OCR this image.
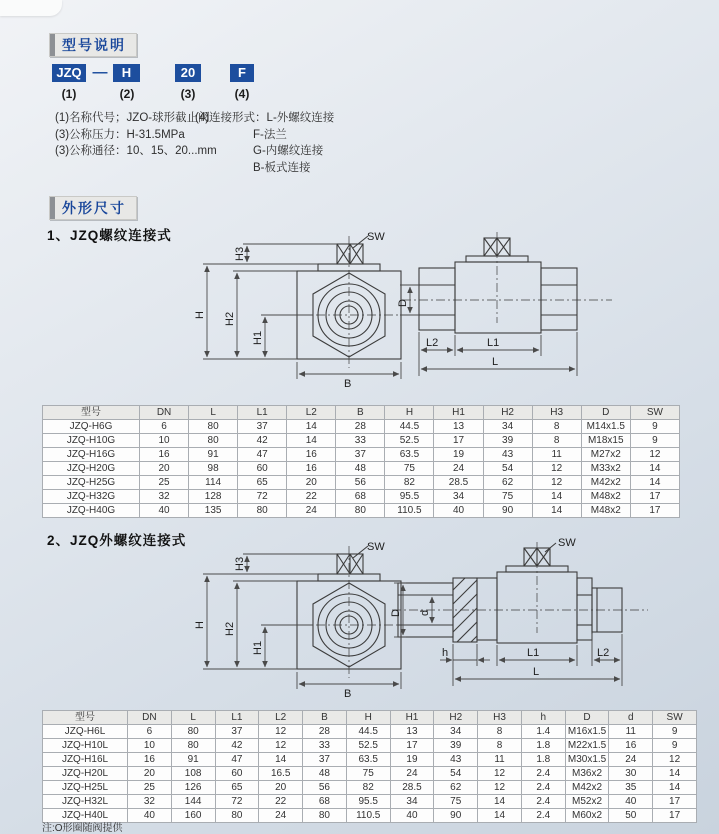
型号说明
JZQ —	H	20	F
(1)	(2)	(3)	(4)
(1)名称代号；JZO-球形截止阀
(3)公称压力：H-31.5MPa
(3)公称通径：10、15、20...mm
(4)连接形式：L-外螺纹连接
F-法兰
G-内螺纹连接
B-板式连接
外形尺寸
1、JZQ螺纹连接式	SW
H3
H H2
H1
B
D
L2	L1
L
型号	DN	L	L1	L2	B	H	H1	H2	H3	D	SW
JZQ-H6G	6	80	37	14	28	44.5	13	34	8	M14x1.5	9
JZQ-H10G	10	80	42	14	33	52.5	17	39	8	M18x15	9
JZQ-H16G	16	91	47	16	37	63.5	19	43	11	M27x2	12
JZQ-H20G	20	98	60	16	48	75	24	54	12	M33x2	14
JZQ-H25G	25	114	65	20	56	82	28.5	62	12	M42x2	14
JZQ-H32G	32	128	72	22	68	95.5	34	75	14	M48x2	17
JZQ-H40G	40	135	80	24	80	110.5	40	90	14	M48x2	17
2、JZQ外螺纹连接式	SW
H3
H H2
H1
B
SW
D d
h	L1	L2
L
型号	DN	L	L1	L2	B	H	H1	H2	H3	h	D	d	SW
JZQ-H6L	6	80	37	12	28	44.5	13	34	8	1.4	M16x1.5	11	9
JZQ-H10L	10	80	42	12	33	52.5	17	39	8	1.8	M22x1.5	16	9
JZQ-H16L	16	91	47	14	37	63.5	19	43	11	1.8	M30x1.5	24	12
JZQ-H20L	20	108	60	16.5	48	75	24	54	12	2.4	M36x2	30	14
JZQ-H25L	25	126	65	20	56	82	28.5	62	12	2.4	M42x2	35	14
JZQ-H32L	32	144	72	22	68	95.5	34	75	14	2.4	M52x2	40	17
JZQ-H40L	40	160	80	24	80	110.5	40	90	14	2.4	M60x2	50	17
注:O形圈随阀提供
